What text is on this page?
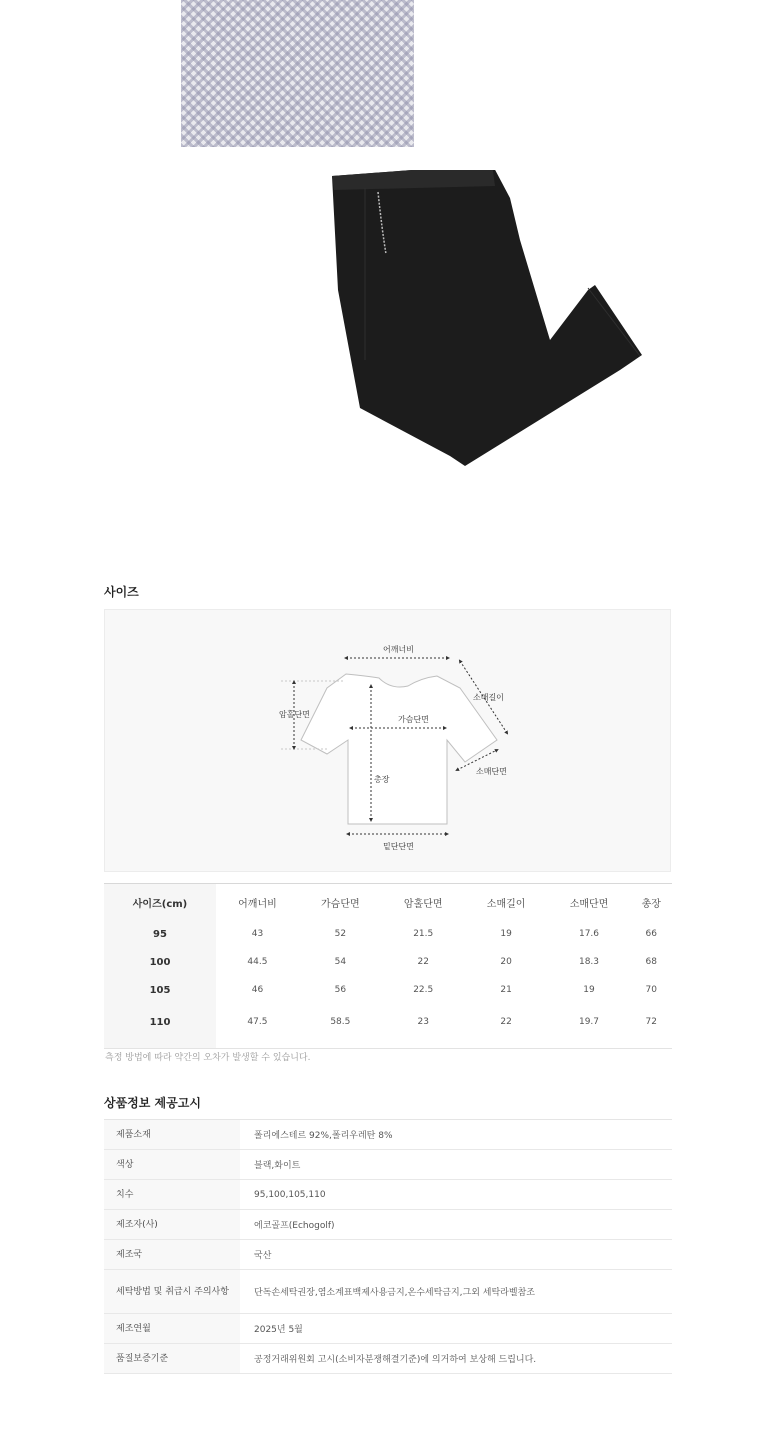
사이즈
어깨너비
소매길이
암홀단면
가슴단면
소매단면
총장
밑단단면
사이즈(cm)	어깨너비	가슴단면	암홀단면	소매길이	소매단면	총장
95	43	52	21.5	19	17.6	66
100	44.5	54	22	20	18.3	68
105	46	56	22.5	21	19	70
110	47.5	58.5	23	22	19.7	72
측정 방법에 따라 약간의 오차가 발생할 수 있습니다.
상품정보 제공고시
제품소재	폴리에스테르 92%,폴리우레탄 8%
색상	블랙,화이트
치수	95,100,105,110
제조자(사)	에코골프(Echogolf)
제조국	국산
세탁방법 및 취급시 주의사항	단독손세탁권장,염소계표백제사용금지,온수세탁금지,그외 세탁라벨참조
제조연월	2025년 5월
품질보증기준	공정거래위원회 고시(소비자분쟁해결기준)에 의거하여 보상해 드립니다.
